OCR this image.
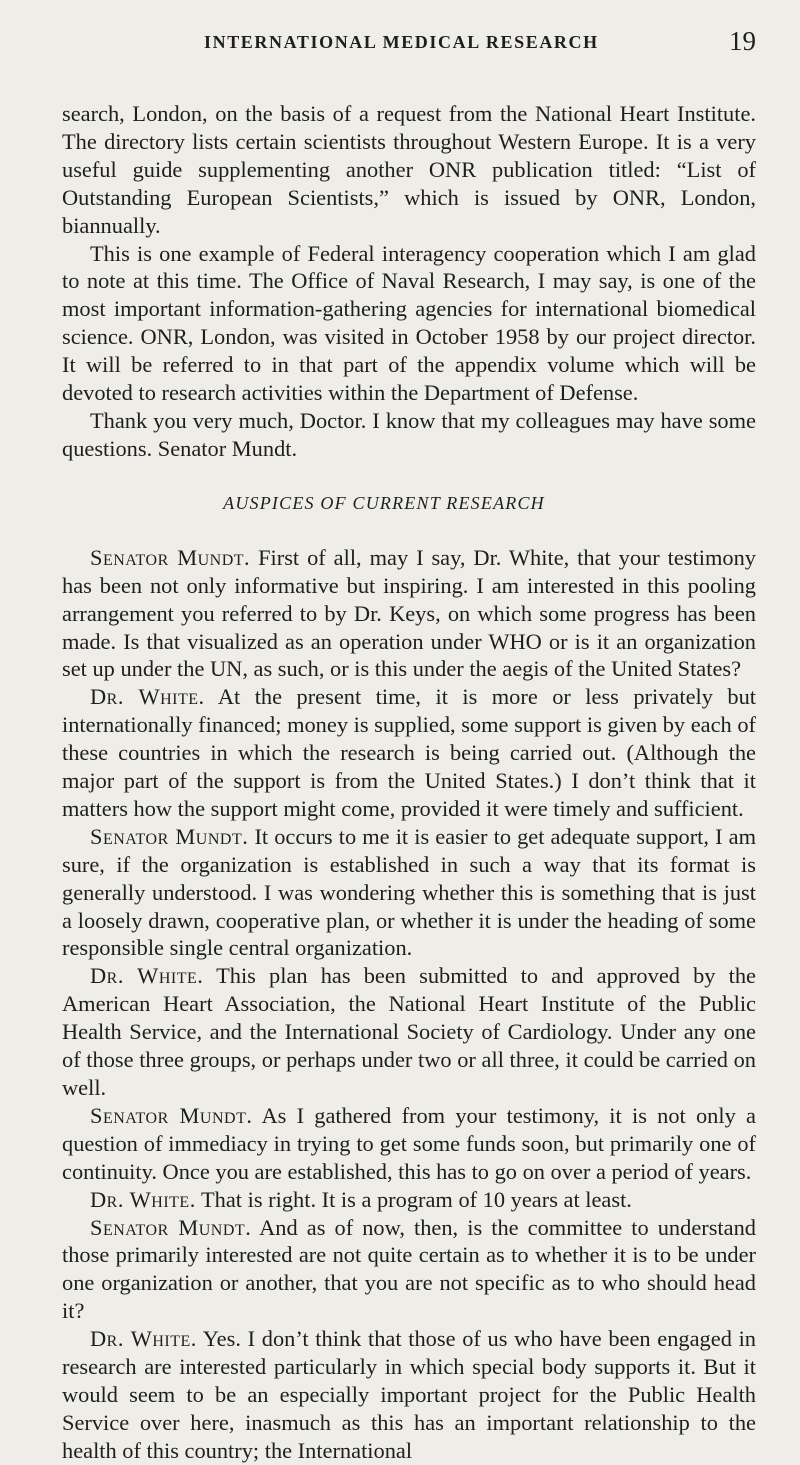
INTERNATIONAL MEDICAL RESEARCH	19

search, London, on the basis of a request from the National Heart Institute. The directory lists certain scientists throughout Western Europe. It is a very useful guide supplementing another ONR publication titled: “List of Outstanding European Scientists,” which is issued by ONR, London, biannually.

This is one example of Federal interagency cooperation which I am glad to note at this time. The Office of Naval Research, I may say, is one of the most important information-gathering agencies for international biomedical science. ONR, London, was visited in October 1958 by our project director. It will be referred to in that part of the appendix volume which will be devoted to research activities within the Department of Defense.

Thank you very much, Doctor. I know that my colleagues may have some questions. Senator Mundt.

AUSPICES OF CURRENT RESEARCH

Senator Mundt. First of all, may I say, Dr. White, that your testimony has been not only informative but inspiring. I am interested in this pooling arrangement you referred to by Dr. Keys, on which some progress has been made. Is that visualized as an operation under WHO or is it an organization set up under the UN, as such, or is this under the aegis of the United States?

Dr. White. At the present time, it is more or less privately but internationally financed; money is supplied, some support is given by each of these countries in which the research is being carried out. (Although the major part of the support is from the United States.) I don’t think that it matters how the support might come, provided it were timely and sufficient.

Senator Mundt. It occurs to me it is easier to get adequate support, I am sure, if the organization is established in such a way that its format is generally understood. I was wondering whether this is something that is just a loosely drawn, cooperative plan, or whether it is under the heading of some responsible single central organization.

Dr. White. This plan has been submitted to and approved by the American Heart Association, the National Heart Institute of the Public Health Service, and the International Society of Cardiology. Under any one of those three groups, or perhaps under two or all three, it could be carried on well.

Senator Mundt. As I gathered from your testimony, it is not only a question of immediacy in trying to get some funds soon, but primarily one of continuity. Once you are established, this has to go on over a period of years.

Dr. White. That is right. It is a program of 10 years at least.

Senator Mundt. And as of now, then, is the committee to understand those primarily interested are not quite certain as to whether it is to be under one organization or another, that you are not specific as to who should head it?

Dr. White. Yes. I don’t think that those of us who have been engaged in research are interested particularly in which special body supports it. But it would seem to be an especially important project for the Public Health Service over here, inasmuch as this has an important relationship to the health of this country; the International
